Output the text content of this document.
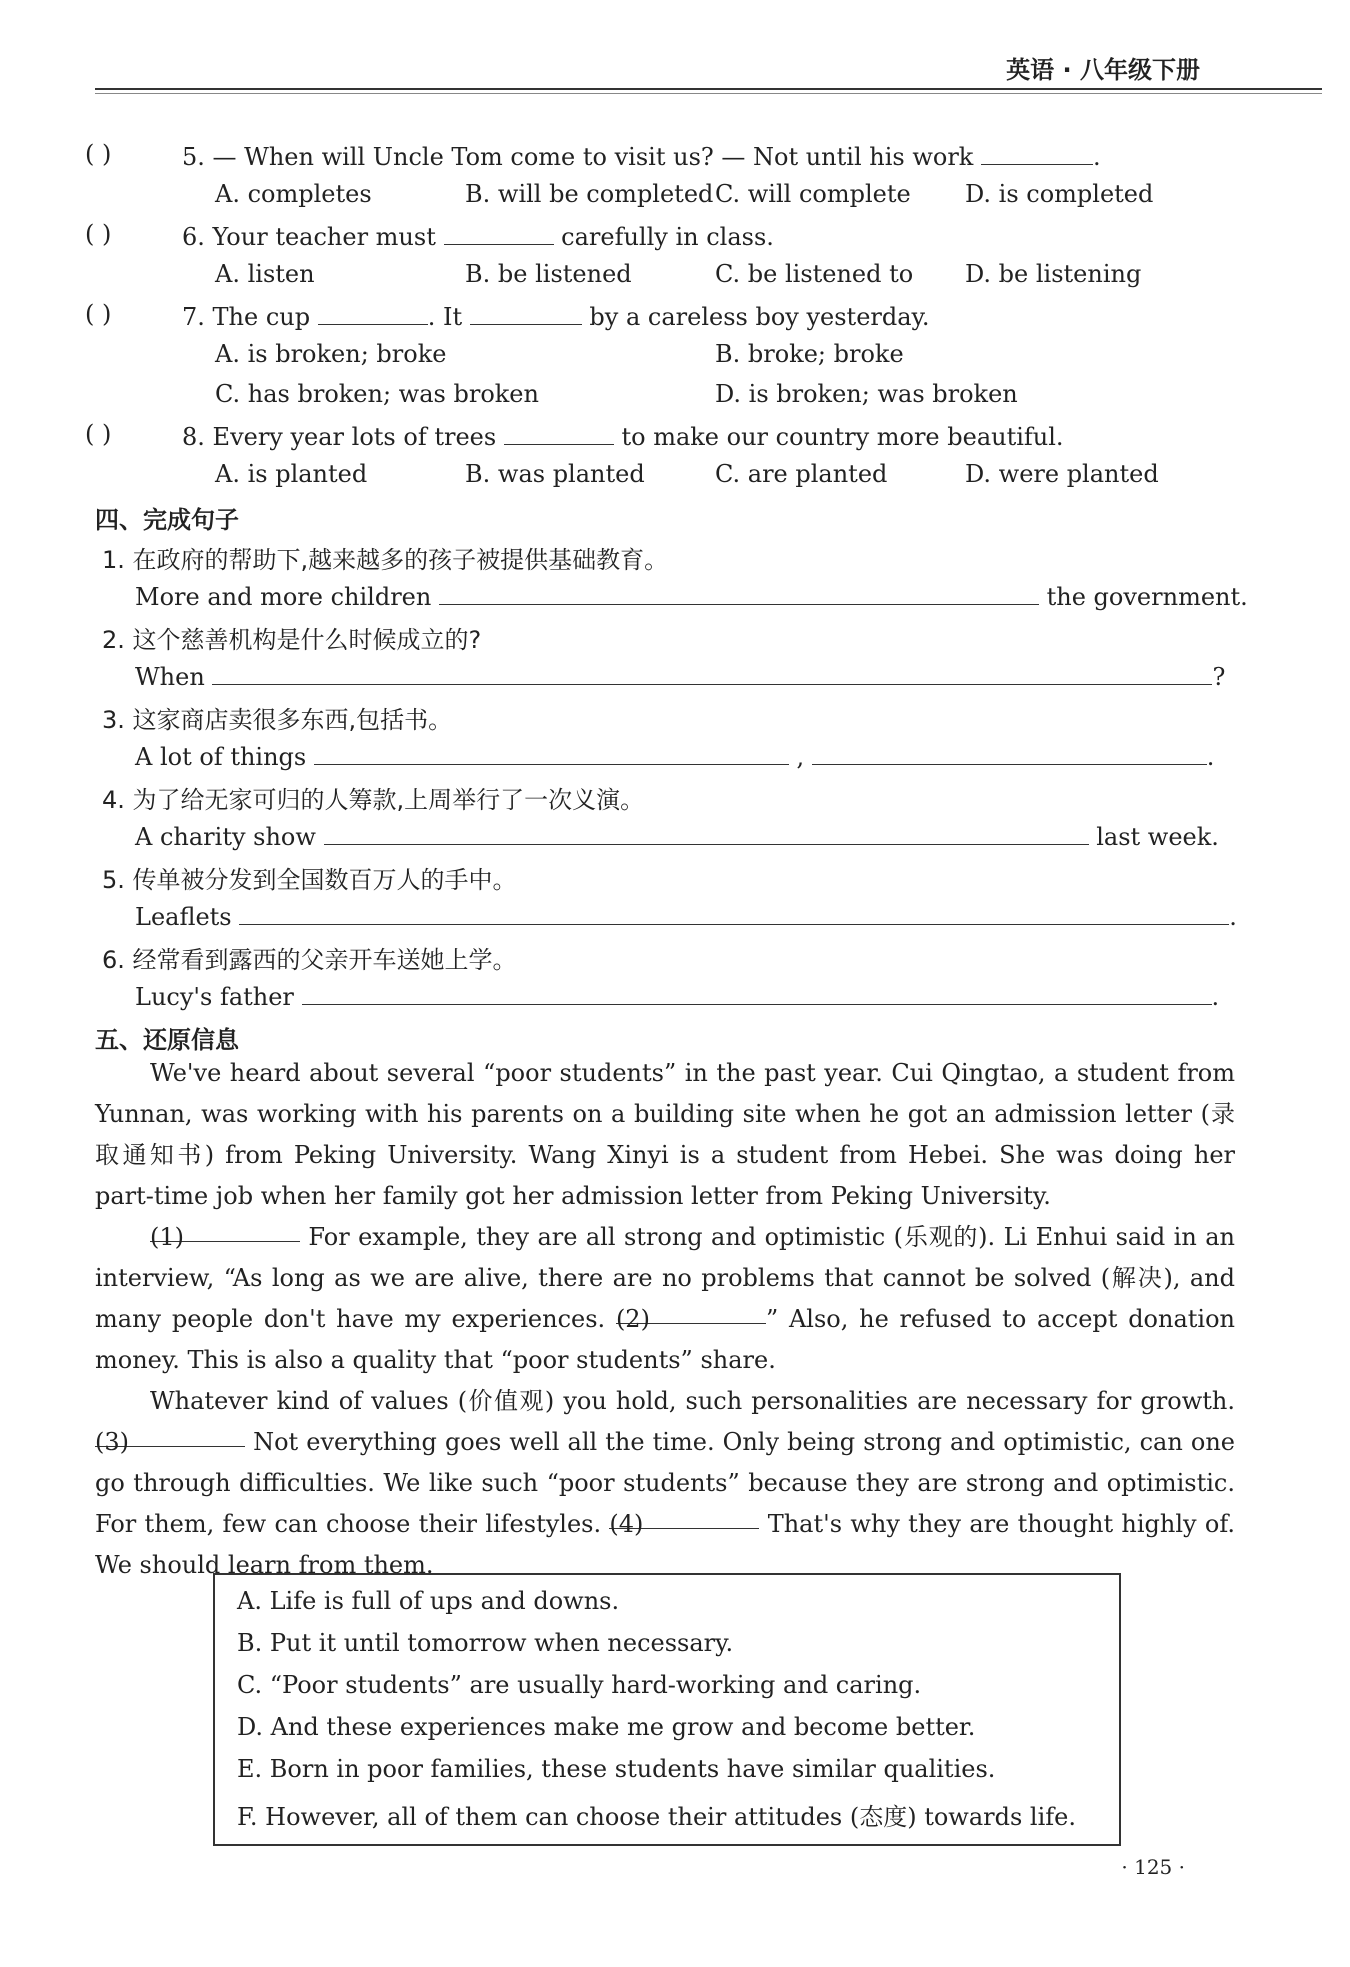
英语 · 八年级下册
( )	5. — When will Uncle Tom come to visit us? — Not until his work	.
A. completes	B. will be completed C. will complete D. is completed
( )	6. Your teacher must	carefully in class.
A. listen	B. be listened	C. be listened to D. be listening
( )	7. The cup	. It	by a careless boy yesterday.
A. is broken; broke	B. broke; broke
C. has broken; was broken	D. is broken; was broken
( )	8. Every year lots of trees	to make our country more beautiful.
A. is planted	B. was planted	C. are planted	D. were planted
四、完成句子
1. 在政府的帮助下,越来越多的孩子被提供基础教育。
More and more children	the government.
2. 这个慈善机构是什么时候成立的?
When	?
3. 这家商店卖很多东西,包括书。
A lot of things	,	.
4. 为了给无家可归的人筹款,上周举行了一次义演。
A charity show	last week.
5. 传单被分发到全国数百万人的手中。
Leaflets	.
6. 经常看到露西的父亲开车送她上学。
Lucy's father	.
五、还原信息
We've heard about several “poor students” in the past year. Cui Qingtao, a student from Yunnan, was working with his parents on a building site when he got an admission letter (录取通知书) from Peking University. Wang Xinyi is a student from Hebei. She was doing her part-time job when her family got her admission letter from Peking University.
(1)	For example, they are all strong and optimistic (乐观的). Li Enhui said in an interview, “As long as we are alive, there are no problems that cannot be solved (解决), and many people don't have my experiences. (2)	” Also, he refused to accept donation money. This is also a quality that “poor students” share.
Whatever kind of values (价值观) you hold, such personalities are necessary for growth. (3)	Not everything goes well all the time. Only being strong and optimistic, can one go through difficulties. We like such “poor students” because they are strong and optimistic. For them, few can choose their lifestyles. (4)	That's why they are thought highly of. We should learn from them.
A. Life is full of ups and downs.
B. Put it until tomorrow when necessary.
C. “Poor students” are usually hard-working and caring.
D. And these experiences make me grow and become better.
E. Born in poor families, these students have similar qualities.
F. However, all of them can choose their attitudes (态度) towards life.
· 125 ·
